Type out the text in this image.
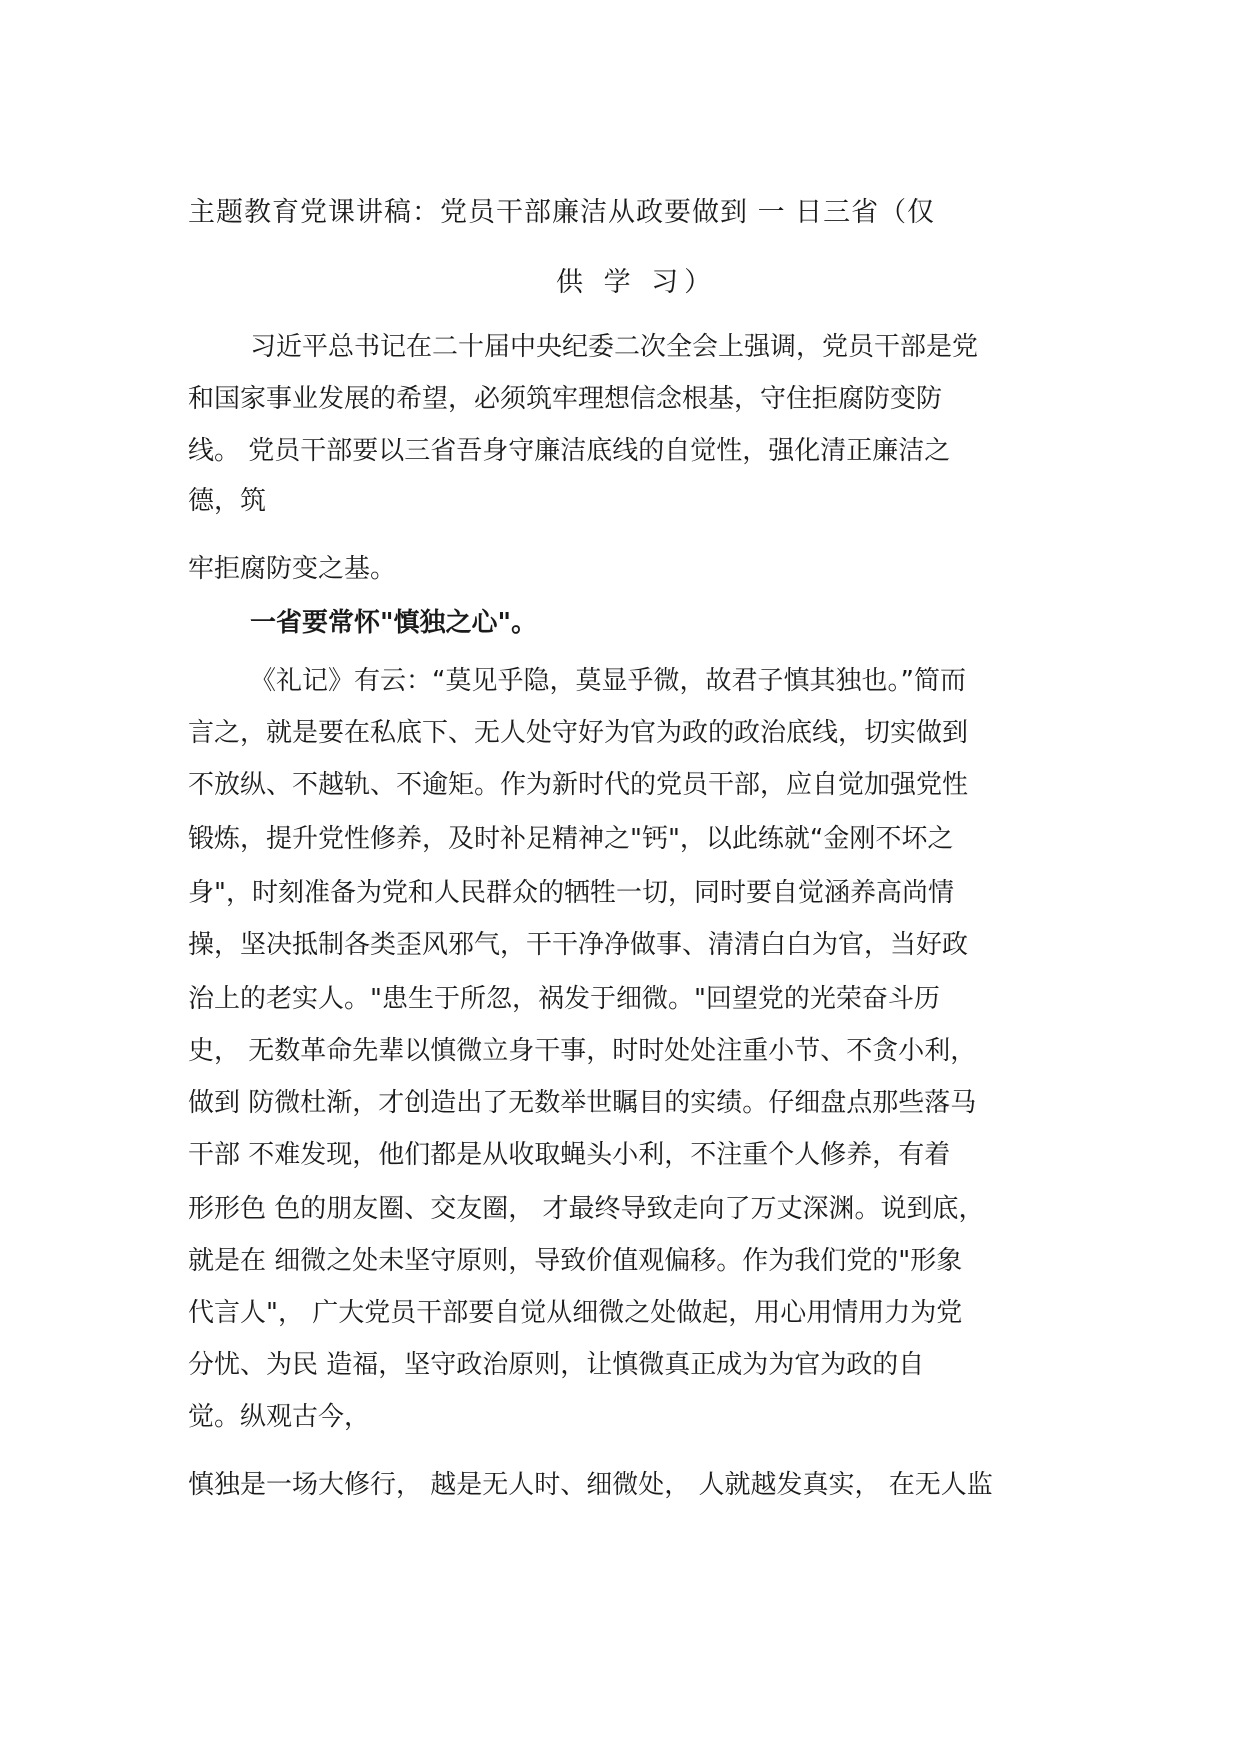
主题教育党课讲稿：党员干部廉洁从政要做到 一 日三省（仅
供 学 习）

习近平总书记在二十届中央纪委二次全会上强调，党员干部是党

和国家事业发展的希望，必须筑牢理想信念根基，守住拒腐防变防

线。 党员干部要以三省吾身守廉洁底线的自觉性，强化清正廉洁之

德，筑

牢拒腐防变之基。

一省要常怀"慎独之心"。

《礼记》有云：“莫见乎隐，莫显乎微，故君子慎其独也。”简而

言之，就是要在私底下、无人处守好为官为政的政治底线，切实做到

不放纵、不越轨、不逾矩。作为新时代的党员干部，应自觉加强党性

锻炼，提升党性修养，及时补足精神之"钙"，以此练就“金刚不坏之

身"，时刻准备为党和人民群众的牺牲一切，同时要自觉涵养高尚情

操，坚决抵制各类歪风邪气，干干净净做事、清清白白为官，当好政

治上的老实人。"患生于所忽，祸发于细微。"回望党的光荣奋斗历

史， 无数革命先辈以慎微立身干事，时时处处注重小节、不贪小利，

做到 防微杜渐，才创造出了无数举世瞩目的实绩。仔细盘点那些落马

干部 不难发现，他们都是从收取蝇头小利，不注重个人修养，有着

形形色 色的朋友圈、交友圈， 才最终导致走向了万丈深渊。说到底，

就是在 细微之处未坚守原则，导致价值观偏移。作为我们党的"形象

代言人"， 广大党员干部要自觉从细微之处做起，用心用情用力为党

分忧、为民 造福，坚守政治原则，让慎微真正成为为官为政的自

觉。纵观古今，

慎独是一场大修行， 越是无人时、细微处， 人就越发真实， 在无人监
